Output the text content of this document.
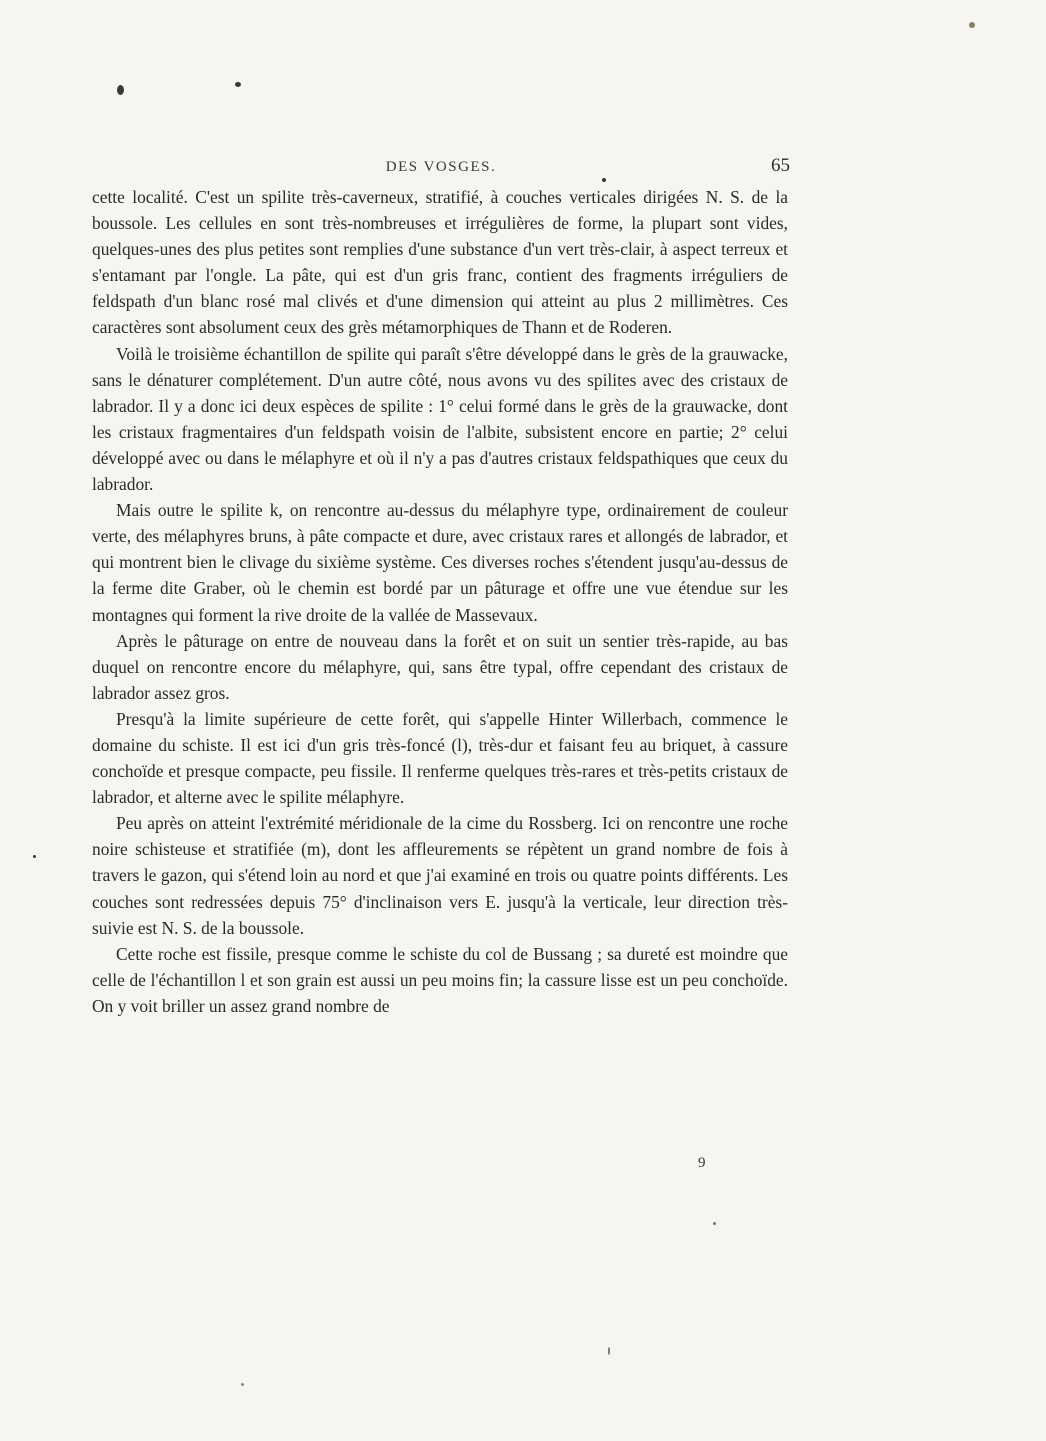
DES VOSGES.	65

cette localité. C'est un spilite très-caverneux, stratifié, à couches verticales dirigées N. S. de la boussole. Les cellules en sont très-nombreuses et irrégulières de forme, la plupart sont vides, quelques-unes des plus petites sont remplies d'une substance d'un vert très-clair, à aspect terreux et s'entamant par l'ongle. La pâte, qui est d'un gris franc, contient des fragments irréguliers de feldspath d'un blanc rosé mal clivés et d'une dimension qui atteint au plus 2 millimètres. Ces caractères sont absolument ceux des grès métamorphiques de Thann et de Roderen.

Voilà le troisième échantillon de spilite qui paraît s'être développé dans le grès de la grauwacke, sans le dénaturer complétement. D'un autre côté, nous avons vu des spilites avec des cristaux de labrador. Il y a donc ici deux espèces de spilite : 1° celui formé dans le grès de la grauwacke, dont les cristaux fragmentaires d'un feldspath voisin de l'albite, subsistent encore en partie; 2° celui développé avec ou dans le mélaphyre et où il n'y a pas d'autres cristaux feldspathiques que ceux du labrador.

Mais outre le spilite k, on rencontre au-dessus du mélaphyre type, ordinairement de couleur verte, des mélaphyres bruns, à pâte compacte et dure, avec cristaux rares et allongés de labrador, et qui montrent bien le clivage du sixième système. Ces diverses roches s'étendent jusqu'au-dessus de la ferme dite Graber, où le chemin est bordé par un pâturage et offre une vue étendue sur les montagnes qui forment la rive droite de la vallée de Massevaux.

Après le pâturage on entre de nouveau dans la forêt et on suit un sentier très-rapide, au bas duquel on rencontre encore du mélaphyre, qui, sans être typal, offre cependant des cristaux de labrador assez gros.

Presqu'à la limite supérieure de cette forêt, qui s'appelle Hinter Willerbach, commence le domaine du schiste. Il est ici d'un gris très-foncé (l), très-dur et faisant feu au briquet, à cassure conchoïde et presque compacte, peu fissile. Il renferme quelques très-rares et très-petits cristaux de labrador, et alterne avec le spilite mélaphyre.

Peu après on atteint l'extrémité méridionale de la cime du Rossberg. Ici on rencontre une roche noire schisteuse et stratifiée (m), dont les affleurements se répètent un grand nombre de fois à travers le gazon, qui s'étend loin au nord et que j'ai examiné en trois ou quatre points différents. Les couches sont redressées depuis 75° d'inclinaison vers E. jusqu'à la verticale, leur direction très-suivie est N. S. de la boussole.

Cette roche est fissile, presque comme le schiste du col de Bussang ; sa dureté est moindre que celle de l'échantillon l et son grain est aussi un peu moins fin; la cassure lisse est un peu conchoïde. On y voit briller un assez grand nombre de

9
